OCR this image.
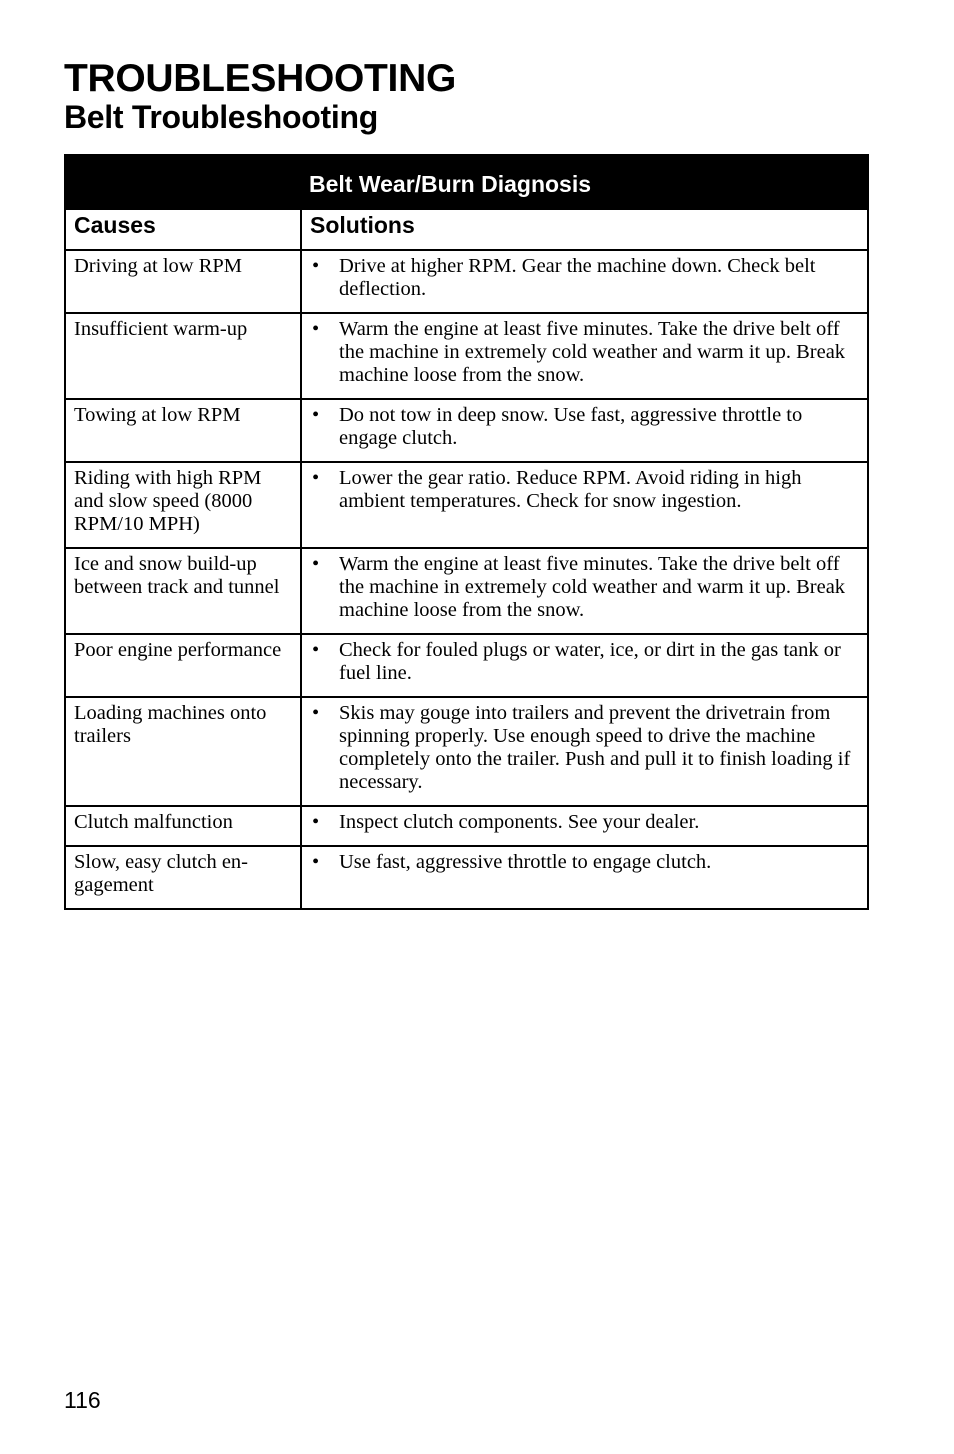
TROUBLESHOOTING
Belt Troubleshooting
Belt Wear/Burn Diagnosis	
Causes	Solutions
Driving at low RPM	• Drive at higher RPM. Gear the machine down. Check belt deflection.

Insufficient warm-up	• Warm the engine at least five minutes. Take the drive belt off the machine in extremely cold weather and warm it up. Break machine loose from the snow.

Towing at low RPM	• Do not tow in deep snow. Use fast, aggressive throttle to engage clutch.

Riding with high RPM and slow speed (8000 RPM/10 MPH)	• Lower the gear ratio. Reduce RPM. Avoid riding in high ambient temperatures. Check for snow ingestion.

Ice and snow build-up between track and tunnel	• Warm the engine at least five minutes. Take the drive belt off the machine in extremely cold weather and warm it up. Break machine loose from the snow.

Poor engine performance	• Check for fouled plugs or water, ice, or dirt in the gas tank or fuel line.

Loading machines onto trailers	• Skis may gouge into trailers and prevent the drivetrain from spinning properly. Use enough speed to drive the machine completely onto the trailer. Push and pull it to finish loading if necessary.

Clutch malfunction	• Inspect clutch components. See your dealer.

Slow, easy clutch en-gagement	• Use fast, aggressive throttle to engage clutch.
116
